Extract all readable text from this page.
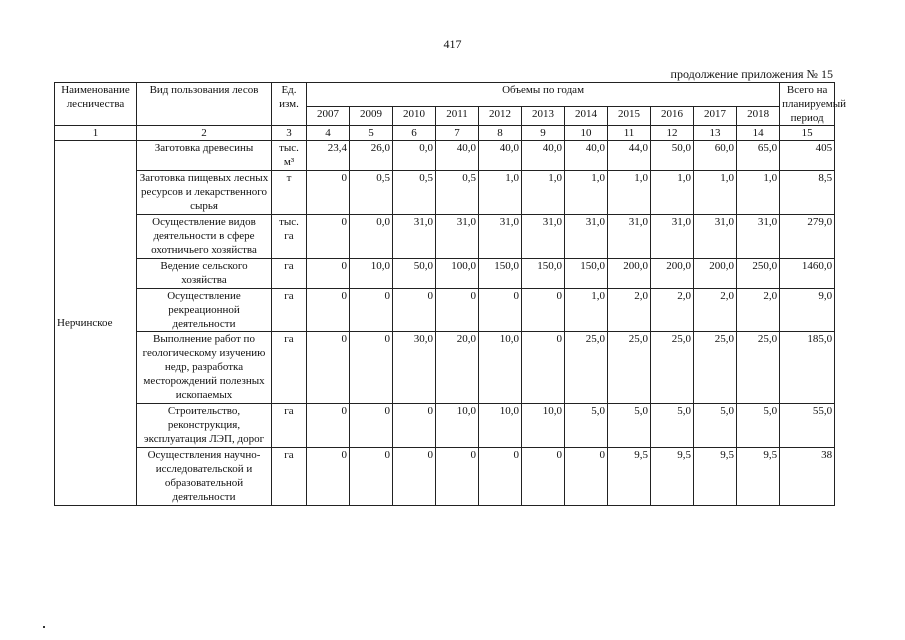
417
продолжение приложения № 15
Наименование лесничества	Вид пользования лесов	Ед. изм.	Объемы по годам											Всего на планируемый период
			2007	2009	2010	2011	2012	2013	2014	2015	2016	2017	2018	
1	2	3	4	5	6	7	8	9	10	11	12	13	14	15
Нерчинское	Заготовка древесины	тыс. м³	23,4	26,0	0,0	40,0	40,0	40,0	40,0	44,0	50,0	60,0	65,0	405
	Заготовка пищевых лесных ресурсов и лекарственного сырья	т	0	0,5	0,5	0,5	1,0	1,0	1,0	1,0	1,0	1,0	1,0	8,5
	Осуществление видов деятельности в сфере охотничьего хозяйства	тыс. га	0	0,0	31,0	31,0	31,0	31,0	31,0	31,0	31,0	31,0	31,0	279,0
	Ведение сельского хозяйства	га	0	10,0	50,0	100,0	150,0	150,0	150,0	200,0	200,0	200,0	250,0	1460,0
	Осуществление рекреационной деятельности	га	0	0	0	0	0	0	1,0	2,0	2,0	2,0	2,0	9,0
	Выполнение работ по геологическому изучению недр, разработка месторождений полезных ископаемых	га	0	0	30,0	20,0	10,0	0	25,0	25,0	25,0	25,0	25,0	185,0
	Строительство, реконструкция, эксплуатация ЛЭП, дорог	га	0	0	0	10,0	10,0	10,0	5,0	5,0	5,0	5,0	5,0	55,0
	Осуществления научно-исследовательской и образовательной деятельности	га	0	0	0	0	0	0	0	9,5	9,5	9,5	9,5	38
